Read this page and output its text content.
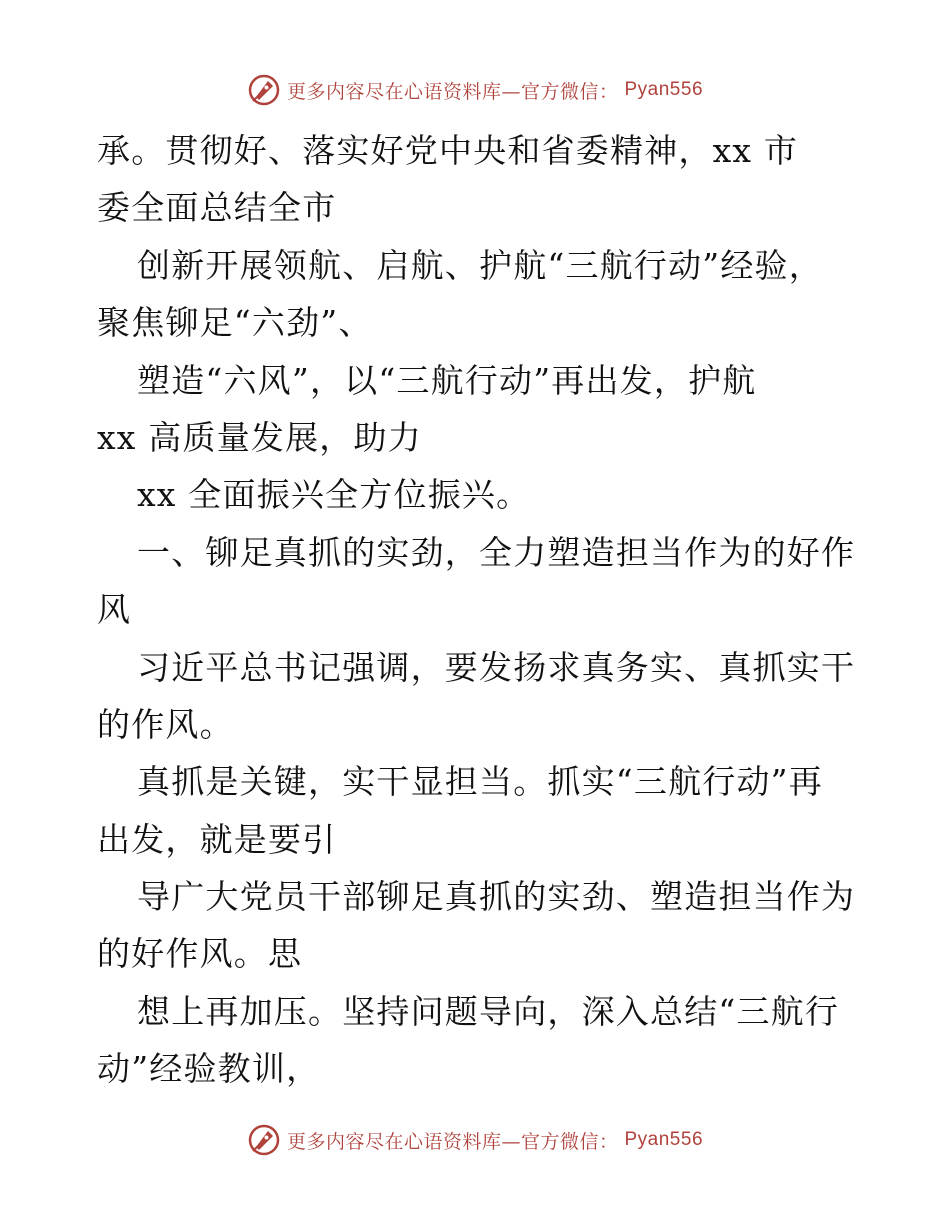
更多内容尽在心语资料库—官方微信： Pyan556
承。贯彻好、落实好党中央和省委精神，xx 市
委全面总结全市
创新开展领航、启航、护航“三航行动”经验，
聚焦铆足“六劲”、
塑造“六风”，以“三航行动”再出发，护航
xx 高质量发展，助力
xx 全面振兴全方位振兴。
一、铆足真抓的实劲，全力塑造担当作为的好作
风
习近平总书记强调，要发扬求真务实、真抓实干
的作风。
真抓是关键，实干显担当。抓实“三航行动”再
出发，就是要引
导广大党员干部铆足真抓的实劲、塑造担当作为
的好作风。思
想上再加压。坚持问题导向，深入总结“三航行
动”经验教训，
更多内容尽在心语资料库—官方微信： Pyan556
